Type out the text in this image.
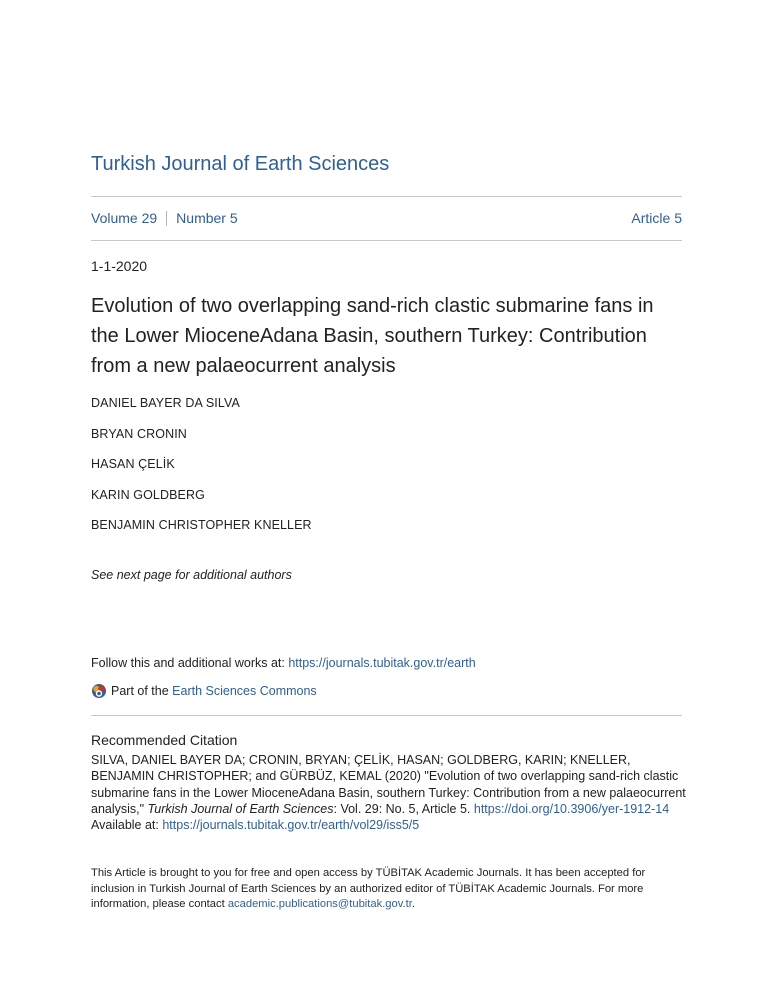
Turkish Journal of Earth Sciences
Volume 29 Number 5	Article 5
1-1-2020
Evolution of two overlapping sand-rich clastic submarine fans in the Lower MioceneAdana Basin, southern Turkey: Contribution from a new palaeocurrent analysis
DANIEL BAYER DA SILVA
BRYAN CRONIN
HASAN ÇELİK
KARIN GOLDBERG
BENJAMIN CHRISTOPHER KNELLER
See next page for additional authors
Follow this and additional works at: https://journals.tubitak.gov.tr/earth
Part of the
Earth Sciences Commons
Recommended Citation
SILVA, DANIEL BAYER DA; CRONIN, BRYAN; ÇELİK, HASAN; GOLDBERG, KARIN; KNELLER, BENJAMIN CHRISTOPHER; and GÜRBÜZ, KEMAL (2020) "Evolution of two overlapping sand-rich clastic submarine fans in the Lower MioceneAdana Basin, southern Turkey: Contribution from a new palaeocurrent analysis," Turkish Journal of Earth Sciences: Vol. 29: No. 5, Article 5. https://doi.org/10.3906/yer-1912-14
Available at: https://journals.tubitak.gov.tr/earth/vol29/iss5/5
This Article is brought to you for free and open access by TÜBİTAK Academic Journals. It has been accepted for inclusion in Turkish Journal of Earth Sciences by an authorized editor of TÜBİTAK Academic Journals. For more information, please contact academic.publications@tubitak.gov.tr.
